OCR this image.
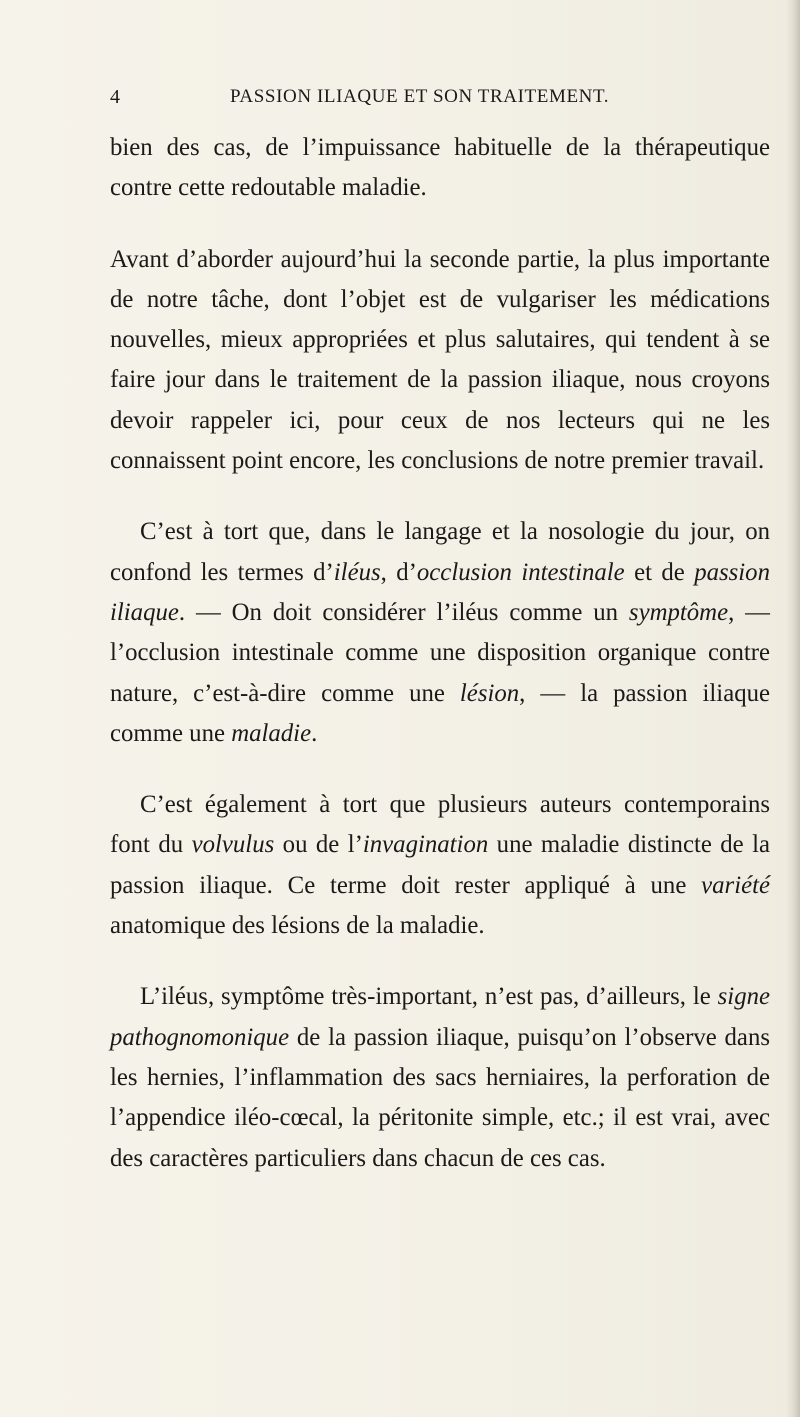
4	PASSION ILIAQUE ET SON TRAITEMENT.

bien des cas, de l’impuissance habituelle de la thérapeutique contre cette redoutable maladie.

Avant d’aborder aujourd’hui la seconde partie, la plus importante de notre tâche, dont l’objet est de vulgariser les médications nouvelles, mieux appropriées et plus salutaires, qui tendent à se faire jour dans le traitement de la passion iliaque, nous croyons devoir rappeler ici, pour ceux de nos lecteurs qui ne les connaissent point encore, les conclusions de notre premier travail.

C’est à tort que, dans le langage et la nosologie du jour, on confond les termes d’iléus, d’occlusion intestinale et de passion iliaque. — On doit considérer l’iléus comme un symptôme, — l’occlusion intestinale comme une disposition organique contre nature, c’est-à-dire comme une lésion, — la passion iliaque comme une maladie.

C’est également à tort que plusieurs auteurs contemporains font du volvulus ou de l’invagination une maladie distincte de la passion iliaque. Ce terme doit rester appliqué à une variété anatomique des lésions de la maladie.

L’iléus, symptôme très-important, n’est pas, d’ailleurs, le signe pathognomonique de la passion iliaque, puisqu’on l’observe dans les hernies, l’inflammation des sacs herniaires, la perforation de l’appendice iléo-cœcal, la péritonite simple, etc.; il est vrai, avec des caractères particuliers dans chacun de ces cas.
